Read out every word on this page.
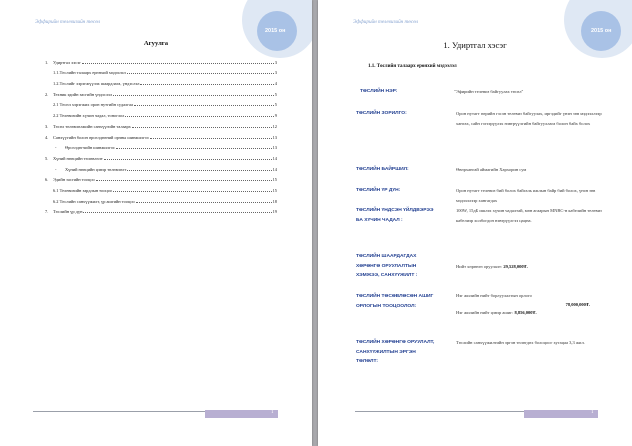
Эффирийн телевизийн төсөл
2015 он
Агуулга
1.	Удиртгал хэсэг	3
1.1.Төслийн талаарх ерөнхий мэдээлэл	3
1.2.Төслийг хэрэгжүүлэх шаардлага, үндэслэл	4
2.	Техник эдийн засгийн үндэслэл	5
2.1 Төсөл хэрэгжих орон нутгийн судалгаа	5
2.2 Телевизийн хүчин чадал, тоноглол	9
3.	Төсөл төлөвлөлжийн санхүүгийн талаарх	12
4.	Санхүүгийн болон өрсөлдөөний орчны шинжилгээ	13
-	Өрсөлдөгчийн шинжилгээ	13
5.	Хүний нөөцийн төлөвлөлт	14
-	Хүний нөөцийн цэвэр төлөвлөлт	14
6.	Эдийн засгийн тооцоо	15
6.1 Телевизийн зардлын тооцоо	15
6.2 Төслийн санхүүжилт, үр ашгийн тооцоо	18
7.	Төслийн үр дүн	19
1
Эффирийн телевизийн төсөл
2015 он
1. Удиртгал хэсэг
1.1. Төслийн талаарх ерөнхий мэдээлэл
ТӨСЛИЙН НЭР:	"Эфирийн телевиз байгуулах төсөл"
ТӨСЛИЙН ЗОРИЛГО:	Орон нутагт өөрийн гэсэн телевиз байгуулах, иргэдийг үнэн зөв мэдээллээр хангах, сайн гэгээрүүлэх нэвтрүүлгийн байгууллага болон байх болох
ТӨСЛИЙН БАЙРШИЛ:	Өвөрхангай аймагийн Хархорин сум
ТӨСЛИЙН ҮР ДҮН:	Орон нутагт телевиз бий болох байгаль ижлын байр бий болох, үнэн зөв мэдээллээр хангагдах
ТӨСЛИЙН ҮНДСЭН ҮЙЛДВЭРЭЭ БА ХҮЧИН ЧАДАЛ :
100W, 15дБ ишлэх хүчин чадалтай, мөн агаарын МNBC-н кабелийн телевиз кабелиэр холбогдон нэвтрүүлгээ цацна.
ТӨСЛИЙН ШААРДАГДАХ ХӨРӨНГӨ ОРУУЛАЛТЫН ХЭМЖЭЭ, САНХҮҮЖИЛТ :
Нийт хөрөнгө оруулалт: 29,528,000₮.
ТӨСЛИЙН ТӨСӨВЛӨСӨН АШИГ ОРЛОГЫН ТООЦООЛОЛ:
Нэг жилийн нийт борлуулалтын орлого
78,000,000₮.
Нэг жилийн нийт цэвэр ашиг: 8,856,000₮.
ТӨСЛИЙН ХӨРӨНГӨ ОРУУЛАЛТ, САНХҮҮЖИЛТЫН ЭРГЭН ТӨЛӨЛТ:
Төслийн санхүүжилтийн эргэн төлөгдөх болоцоог хугацаа 3,3 жил.
1
